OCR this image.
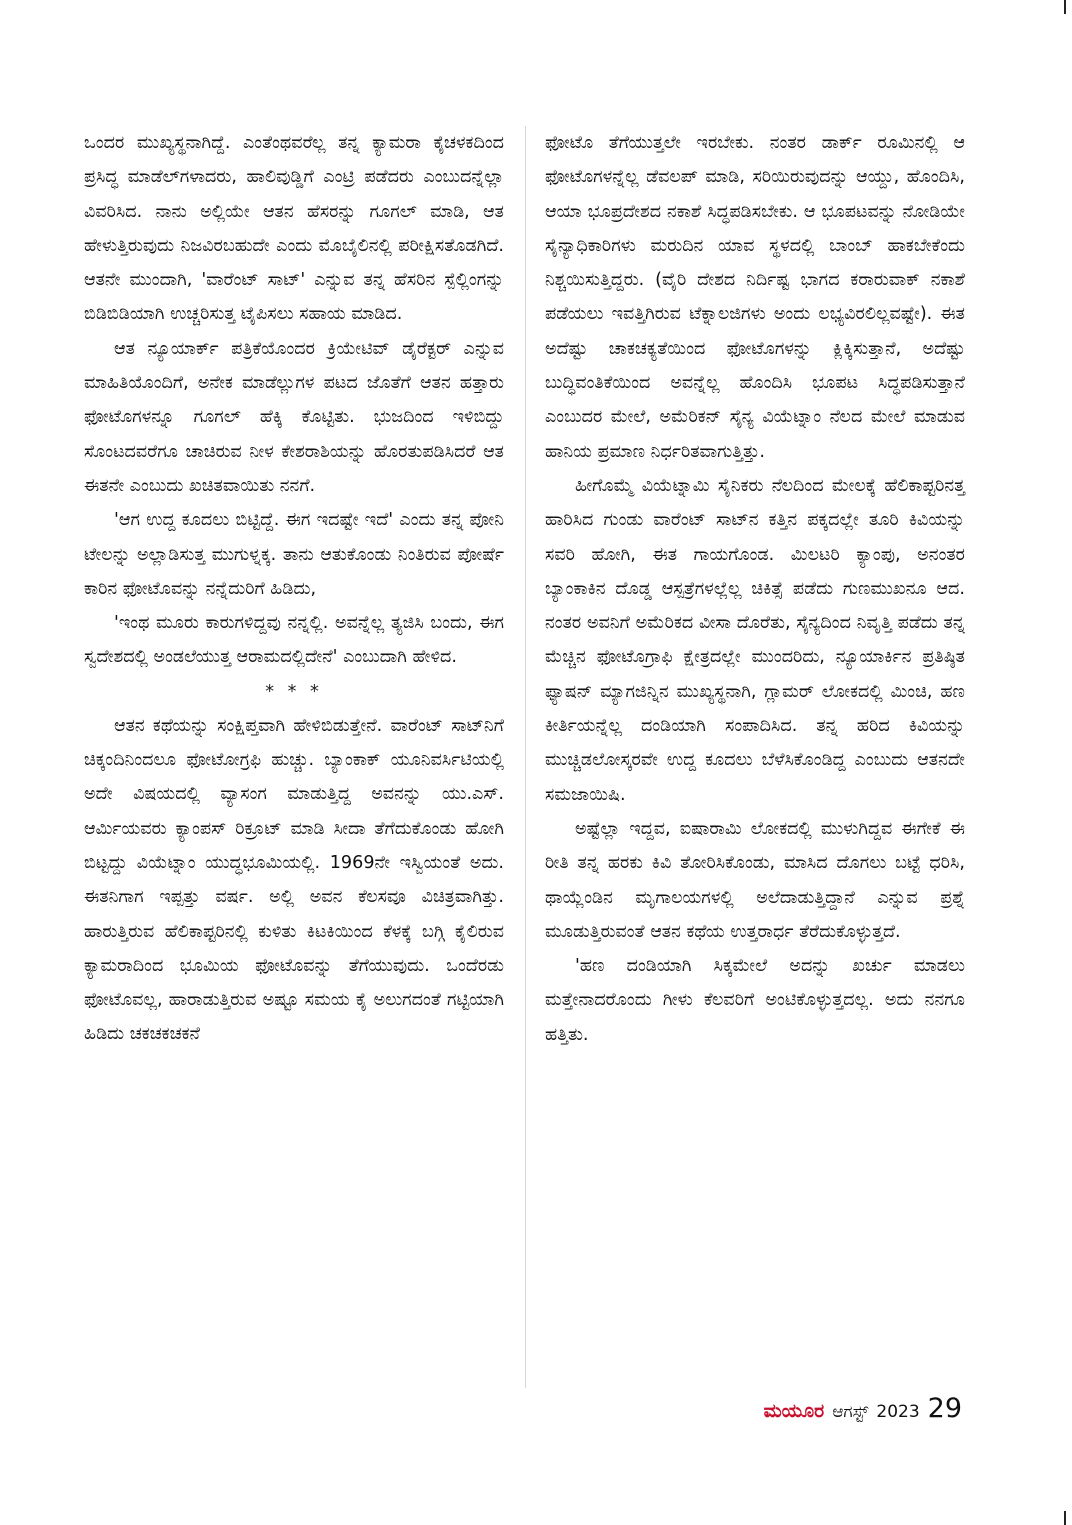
ಒಂದರ ಮುಖ್ಯಸ್ಥನಾಗಿದ್ದೆ. ಎಂತೆಂಥವರೆಲ್ಲ ತನ್ನ ಕ್ಯಾಮರಾ ಕೈಚಳಕದಿಂದ ಪ್ರಸಿದ್ಧ ಮಾಡೆಲ್‌ಗಳಾದರು, ಹಾಲಿವುಡ್ಡಿಗೆ ಎಂಟ್ರಿ ಪಡೆದರು ಎಂಬುದನ್ನೆಲ್ಲಾ ವಿವರಿಸಿದ. ನಾನು ಅಲ್ಲಿಯೇ ಆತನ ಹೆಸರನ್ನು ಗೂಗಲ್ ಮಾಡಿ, ಆತ ಹೇಳುತ್ತಿರುವುದು ನಿಜವಿರಬಹುದೇ ಎಂದು ಮೊಬೈಲಿನಲ್ಲಿ ಪರೀಕ್ಷಿಸತೊಡಗಿದೆ. ಆತನೇ ಮುಂದಾಗಿ, 'ವಾರೆಂಟ್ ಸಾಟ್' ಎನ್ನುವ ತನ್ನ ಹೆಸರಿನ ಸ್ಪೆಲ್ಲಿಂಗನ್ನು ಬಿಡಿಬಿಡಿಯಾಗಿ ಉಚ್ಚರಿಸುತ್ತ ಟೈಪಿಸಲು ಸಹಾಯ ಮಾಡಿದ.

ಆತ ನ್ಯೂಯಾರ್ಕ್ ಪತ್ರಿಕೆಯೊಂದರ ಕ್ರಿಯೇಟಿವ್ ಡೈರೆಕ್ಟರ್ ಎನ್ನುವ ಮಾಹಿತಿಯೊಂದಿಗೆ, ಅನೇಕ ಮಾಡೆಲ್ಲುಗಳ ಪಟದ ಜೊತೆಗೆ ಆತನ ಹತ್ತಾರು ಫೋಟೊಗಳನ್ನೂ ಗೂಗಲ್ ಹೆಕ್ಕಿ ಕೊಟ್ಟಿತು. ಭುಜದಿಂದ ಇಳಿಬಿದ್ದು ಸೊಂಟದವರೆಗೂ ಚಾಚಿರುವ ನೀಳ ಕೇಶರಾಶಿಯನ್ನು ಹೊರತುಪಡಿಸಿದರೆ ಆತ ಈತನೇ ಎಂಬುದು ಖಚಿತವಾಯಿತು ನನಗೆ.

'ಆಗ ಉದ್ದ ಕೂದಲು ಬಿಟ್ಟಿದ್ದೆ. ಈಗ ಇದಷ್ಟೇ ಇದೆ' ಎಂದು ತನ್ನ ಪೋನಿ ಟೇಲನ್ನು ಅಲ್ಲಾಡಿಸುತ್ತ ಮುಗುಳ್ನಕ್ಕ. ತಾನು ಆತುಕೊಂಡು ನಿಂತಿರುವ ಪೋರ್ಷೆ ಕಾರಿನ ಫೋಟೊವನ್ನು ನನ್ನೆದುರಿಗೆ ಹಿಡಿದು,

'ಇಂಥ ಮೂರು ಕಾರುಗಳಿದ್ದವು ನನ್ನಲ್ಲಿ. ಅವನ್ನೆಲ್ಲ ತ್ಯಜಿಸಿ ಬಂದು, ಈಗ ಸ್ವದೇಶದಲ್ಲಿ ಅಂಡಲೆಯುತ್ತ ಆರಾಮದಲ್ಲಿದೇನೆ' ಎಂಬುದಾಗಿ ಹೇಳಿದ.

* * *

ಆತನ ಕಥೆಯನ್ನು ಸಂಕ್ಷಿಪ್ತವಾಗಿ ಹೇಳಿಬಿಡುತ್ತೇನೆ. ವಾರೆಂಟ್ ಸಾಟ್‌ನಿಗೆ ಚಿಕ್ಕಂದಿನಿಂದಲೂ ಫೋಟೋಗ್ರಫಿ ಹುಚ್ಚು. ಬ್ಯಾಂಕಾಕ್ ಯೂನಿವರ್ಸಿಟಿಯಲ್ಲಿ ಅದೇ ವಿಷಯದಲ್ಲಿ ವ್ಯಾಸಂಗ ಮಾಡುತ್ತಿದ್ದ ಅವನನ್ನು ಯು.ಎಸ್. ಆರ್ಮಿಯವರು ಕ್ಯಾಂಪಸ್ ರಿಕ್ರೂಟ್ ಮಾಡಿ ಸೀದಾ ತೆಗೆದುಕೊಂಡು ಹೋಗಿ ಬಿಟ್ಟದ್ದು ವಿಯೆಟ್ನಾಂ ಯುದ್ಧಭೂಮಿಯಲ್ಲಿ. 1969ನೇ ಇಸ್ವಿಯಂತೆ ಅದು. ಈತನಿಗಾಗ ಇಪ್ಪತ್ತು ವರ್ಷ. ಅಲ್ಲಿ ಅವನ ಕೆಲಸವೂ ವಿಚಿತ್ರವಾಗಿತ್ತು. ಹಾರುತ್ತಿರುವ ಹೆಲಿಕಾಪ್ಟರಿನಲ್ಲಿ ಕುಳಿತು ಕಿಟಕಿಯಿಂದ ಕೆಳಕ್ಕೆ ಬಗ್ಗಿ ಕೈಲಿರುವ ಕ್ಯಾಮರಾದಿಂದ ಭೂಮಿಯ ಫೋಟೊವನ್ನು ತೆಗೆಯುವುದು. ಒಂದೆರಡು ಫೋಟೊವಲ್ಲ, ಹಾರಾಡುತ್ತಿರುವ ಅಷ್ಟೂ ಸಮಯ ಕೈ ಅಲುಗದಂತೆ ಗಟ್ಟಿಯಾಗಿ ಹಿಡಿದು ಚಕಚಕಚಕನೆ

ಫೋಟೊ ತೆಗೆಯುತ್ತಲೇ ಇರಬೇಕು. ನಂತರ ಡಾರ್ಕ್ ರೂಮಿನಲ್ಲಿ ಆ ಫೋಟೊಗಳನ್ನೆಲ್ಲ ಡೆವಲಪ್ ಮಾಡಿ, ಸರಿಯಿರುವುದನ್ನು ಆಯ್ದು, ಹೊಂದಿಸಿ, ಆಯಾ ಭೂಪ್ರದೇಶದ ನಕಾಶೆ ಸಿದ್ಧಪಡಿಸಬೇಕು. ಆ ಭೂಪಟವನ್ನು ನೋಡಿಯೇ ಸೈನ್ಯಾಧಿಕಾರಿಗಳು ಮರುದಿನ ಯಾವ ಸ್ಥಳದಲ್ಲಿ ಬಾಂಬ್ ಹಾಕಬೇಕೆಂದು ನಿಶ್ಚಯಿಸುತ್ತಿದ್ದರು. (ವೈರಿ ದೇಶದ ನಿರ್ದಿಷ್ಟ ಭಾಗದ ಕರಾರುವಾಕ್ ನಕಾಶೆ ಪಡೆಯಲು ಇವತ್ತಿಗಿರುವ ಟೆಕ್ನಾಲಜಿಗಳು ಅಂದು ಲಭ್ಯವಿರಲಿಲ್ಲವಷ್ಟೇ). ಈತ ಅದೆಷ್ಟು ಚಾಕಚಕ್ಯತೆಯಿಂದ ಫೋಟೊಗಳನ್ನು ಕ್ಲಿಕ್ಕಿಸುತ್ತಾನೆ, ಅದೆಷ್ಟು ಬುದ್ಧಿವಂತಿಕೆಯಿಂದ ಅವನ್ನೆಲ್ಲ ಹೊಂದಿಸಿ ಭೂಪಟ ಸಿದ್ಧಪಡಿಸುತ್ತಾನೆ ಎಂಬುದರ ಮೇಲೆ, ಅಮೆರಿಕನ್ ಸೈನ್ಯ ವಿಯೆಟ್ನಾಂ ನೆಲದ ಮೇಲೆ ಮಾಡುವ ಹಾನಿಯ ಪ್ರಮಾಣ ನಿರ್ಧರಿತವಾಗುತ್ತಿತ್ತು.

ಹೀಗೊಮ್ಮೆ ವಿಯೆಟ್ನಾಮಿ ಸೈನಿಕರು ನೆಲದಿಂದ ಮೇಲಕ್ಕೆ ಹೆಲಿಕಾಪ್ಟರಿನತ್ತ ಹಾರಿಸಿದ ಗುಂಡು ವಾರೆಂಟ್ ಸಾಟ್‌ನ ಕತ್ತಿನ ಪಕ್ಕದಲ್ಲೇ ತೂರಿ ಕಿವಿಯನ್ನು ಸವರಿ ಹೋಗಿ, ಈತ ಗಾಯಗೊಂಡ. ಮಿಲಟರಿ ಕ್ಯಾಂಪು, ಅನಂತರ ಬ್ಯಾಂಕಾಕಿನ ದೊಡ್ಡ ಆಸ್ಪತ್ರೆಗಳಲ್ಲೆಲ್ಲ ಚಿಕಿತ್ಸೆ ಪಡೆದು ಗುಣಮುಖನೂ ಆದ. ನಂತರ ಅವನಿಗೆ ಅಮೆರಿಕದ ವೀಸಾ ದೊರೆತು, ಸೈನ್ಯದಿಂದ ನಿವೃತ್ತಿ ಪಡೆದು ತನ್ನ ಮೆಚ್ಚಿನ ಫೋಟೊಗ್ರಾಫಿ ಕ್ಷೇತ್ರದಲ್ಲೇ ಮುಂದರಿದು, ನ್ಯೂಯಾರ್ಕಿನ ಪ್ರತಿಷ್ಠಿತ ಫ್ಯಾಷನ್ ಮ್ಯಾಗಜಿನ್ನಿನ ಮುಖ್ಯಸ್ಥನಾಗಿ, ಗ್ಲಾಮರ್ ಲೋಕದಲ್ಲಿ ಮಿಂಚಿ, ಹಣ ಕೀರ್ತಿಯನ್ನೆಲ್ಲ ದಂಡಿಯಾಗಿ ಸಂಪಾದಿಸಿದ. ತನ್ನ ಹರಿದ ಕಿವಿಯನ್ನು ಮುಚ್ಚಿಡಲೋಸ್ಕರವೇ ಉದ್ದ ಕೂದಲು ಬೆಳೆಸಿಕೊಂಡಿದ್ದ ಎಂಬುದು ಆತನದೇ ಸಮಜಾಯಿಷಿ.

ಅಷ್ಟೆಲ್ಲಾ ಇದ್ದವ, ಐಷಾರಾಮಿ ಲೋಕದಲ್ಲಿ ಮುಳುಗಿದ್ದವ ಈಗೇಕೆ ಈ ರೀತಿ ತನ್ನ ಹರಕು ಕಿವಿ ತೋರಿಸಿಕೊಂಡು, ಮಾಸಿದ ದೊಗಲು ಬಟ್ಟೆ ಧರಿಸಿ, ಥಾಯ್ಲೆಂಡಿನ ಮೃಗಾಲಯಗಳಲ್ಲಿ ಅಲೆದಾಡುತ್ತಿದ್ದಾನೆ ಎನ್ನುವ ಪ್ರಶ್ನೆ ಮೂಡುತ್ತಿರುವಂತೆ ಆತನ ಕಥೆಯ ಉತ್ತರಾರ್ಧ ತೆರೆದುಕೊಳ್ಳುತ್ತದೆ.

'ಹಣ ದಂಡಿಯಾಗಿ ಸಿಕ್ಕಮೇಲೆ ಅದನ್ನು ಖರ್ಚು ಮಾಡಲು ಮತ್ತೇನಾದರೊಂದು ಗೀಳು ಕೆಲವರಿಗೆ ಅಂಟಿಕೊಳ್ಳುತ್ತದಲ್ಲ. ಅದು ನನಗೂ ಹತ್ತಿತು.

ಮಯೂರ ಆಗಸ್ಟ್ 2023 29
